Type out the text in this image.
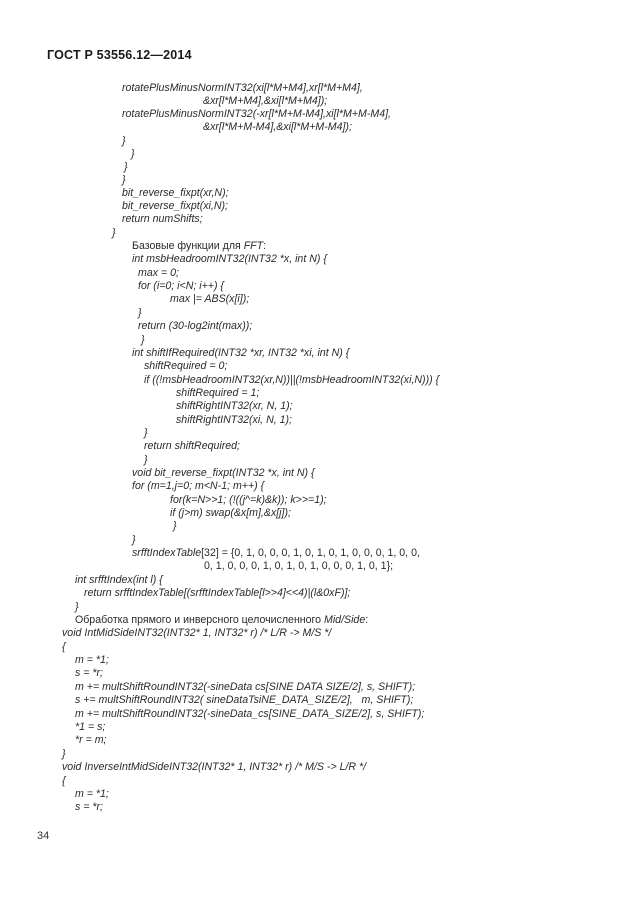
ГОСТ Р 53556.12—2014
rotatePlusMinusNormINT32(xi[l*M+M4],xr[l*M+M4],
&xr[l*M+M4],&xi[l*M+M4]);
rotatePlusMinusNormINT32(-xr[l*M+M-M4],xi[l*M+M-M4],
&xr[l*M+M-M4],&xi[l*M+M-M4]);
}
}
}
}
bit_reverse_fixpt(xr,N);
bit_reverse_fixpt(xi,N);
return numShifts;
}
Базовые функции для FFT:
int msbHeadroomINT32(INT32 *x, int N) {
max = 0;
for (i=0; i<N; i++) {
max |= ABS(x[i]);
}
return (30-log2int(max));
}
int shiftIfRequired(INT32 *xr, INT32 *xi, int N) {
shiftRequired = 0;
if ((!msbHeadroomINT32(xr,N))||(!msbHeadroomINT32(xi,N))) {
shiftRequired = 1;
shiftRightINT32(xr, N, 1);
shiftRightINT32(xi, N, 1);
}
return shiftRequired;
}
void bit_reverse_fixpt(INT32 *x, int N) {
for (m=1,j=0; m<N-1; m++) {
for(k=N>>1; (!((j^=k)&k)); k>>=1);
if (j>m) swap(&x[m],&x[j]);
}
}
srfftIndexTable[32] = {0, 1, 0, 0, 0, 1, 0, 1, 0, 1, 0, 0, 0, 1, 0, 0,
0, 1, 0, 0, 0, 1, 0, 1, 0, 1, 0, 0, 0, 1, 0, 1};
int srfftIndex(int l) {
return srfftIndexTable[(srfftIndexTable[l>>4]<<4)|(l&0xF)];
}
Обработка прямого и инверсного целочисленного Mid/Side:
void IntMidSideINT32(INT32* 1, INT32* r) /* L/R -> M/S */
{
m = *1;
s = *r;
m += multShiftRoundINT32(-sineData cs[SINE DATA SIZE/2], s, SHIFT);
s += multShiftRoundINT32( sineDataTsiNE_DATA_SIZE/2],   m, SHIFT);
m += multShiftRoundINT32(-sineData_cs[SINE_DATA_SIZE/2], s, SHIFT);
*1 = s;
*r = m;
}
void InverseIntMidSideINT32(INT32* 1, INT32* r) /* M/S -> L/R */
{
m = *1;
s = *r;
34
